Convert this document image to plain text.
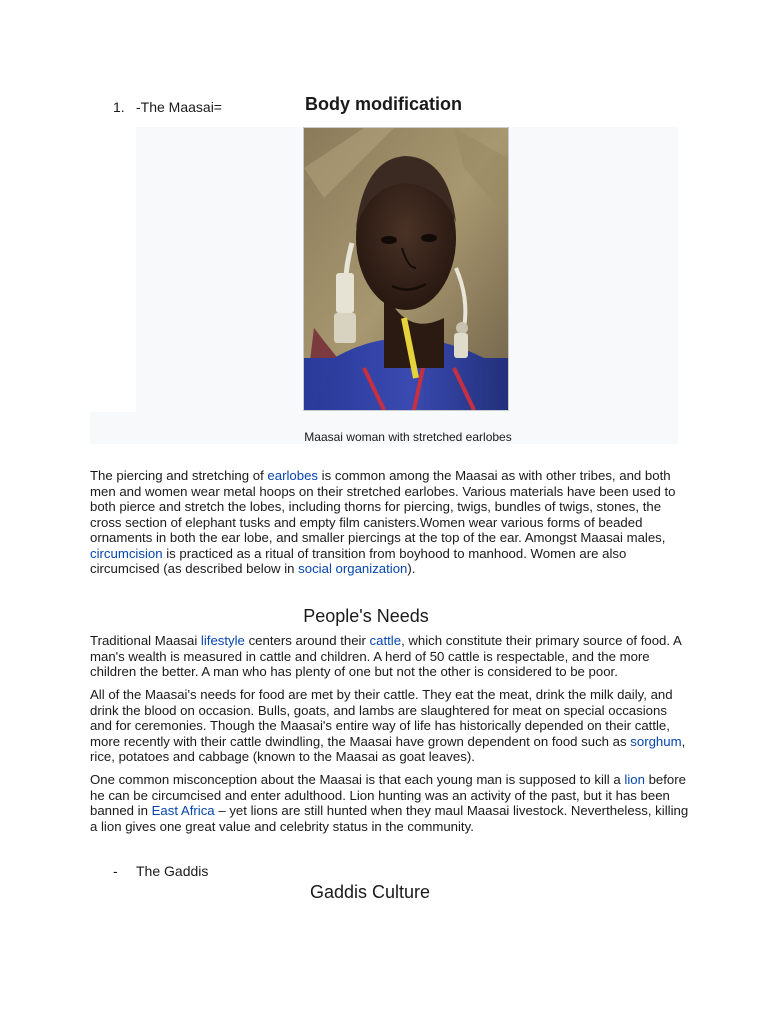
1. -The Maasai=	Body modification
Maasai woman with stretched earlobes

The piercing and stretching of earlobes is common among the Maasai as with other tribes, and both men and women wear metal hoops on their stretched earlobes. Various materials have been used to both pierce and stretch the lobes, including thorns for piercing, twigs, bundles of twigs, stones, the cross section of elephant tusks and empty film canisters.Women wear various forms of beaded ornaments in both the ear lobe, and smaller piercings at the top of the ear. Amongst Maasai males, circumcision is practiced as a ritual of transition from boyhood to manhood. Women are also circumcised (as described below in social organization).

People's Needs

Traditional Maasai lifestyle centers around their cattle, which constitute their primary source of food. A man's wealth is measured in cattle and children. A herd of 50 cattle is respectable, and the more children the better. A man who has plenty of one but not the other is considered to be poor.

All of the Maasai's needs for food are met by their cattle. They eat the meat, drink the milk daily, and drink the blood on occasion. Bulls, goats, and lambs are slaughtered for meat on special occasions and for ceremonies. Though the Maasai's entire way of life has historically depended on their cattle, more recently with their cattle dwindling, the Maasai have grown dependent on food such as sorghum, rice, potatoes and cabbage (known to the Maasai as goat leaves).

One common misconception about the Maasai is that each young man is supposed to kill a lion before he can be circumcised and enter adulthood. Lion hunting was an activity of the past, but it has been banned in East Africa – yet lions are still hunted when they maul Maasai livestock. Nevertheless, killing a lion gives one great value and celebrity status in the community.

- The Gaddis
Gaddis Culture
